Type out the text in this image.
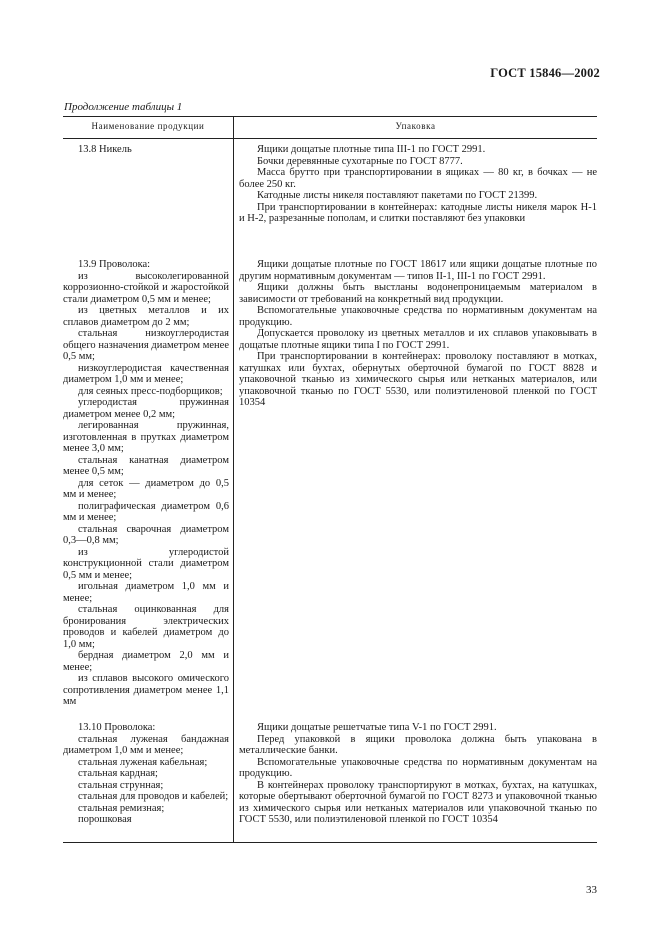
ГОСТ 15846—2002
Продолжение таблицы 1
Наименование продукции	Упаковка

13.8 Никель	Ящики дощатые плотные типа III-1 по ГОСТ 2991.

Бочки деревянные сухотарные по ГОСТ 8777.

Масса брутто при транспортировании в ящиках — 80 кг, в бочках — не более 250 кг.

Катодные листы никеля поставляют пакетами по ГОСТ 21399.

При транспортировании в контейнерах: катодные листы никеля марок Н-1 и Н-2, разрезанные пополам, и слитки поставляют без упаковки

13.9 Проволока:

из высоколегированной коррозионно-стойкой и жаростойкой стали диаметром 0,5 мм и менее;

из цветных металлов и их сплавов диаметром до 2 мм;

стальная низкоуглеродистая общего назначения диаметром менее 0,5 мм;

низкоуглеродистая качественная диаметром 1,0 мм и менее;

для сеяных пресс-подборщиков;

углеродистая пружинная диаметром менее 0,2 мм;

легированная пружинная, изготовленная в прутках диаметром менее 3,0 мм;

стальная канатная диаметром менее 0,5 мм;

для сеток — диаметром до 0,5 мм и менее;

полиграфическая диаметром 0,6 мм и менее;

стальная сварочная диаметром 0,3—0,8 мм;

из углеродистой конструкционной стали диаметром 0,5 мм и менее;

игольная диаметром 1,0 мм и менее;

стальная оцинкованная для бронирования электрических проводов и кабелей диаметром до 1,0 мм;

бердная диаметром 2,0 мм и менее;

из сплавов высокого омического сопротивления диаметром менее 1,1 мм

Ящики дощатые плотные по ГОСТ 18617 или ящики дощатые плотные по другим нормативным документам — типов II-1, III-1 по ГОСТ 2991.

Ящики должны быть выстланы водонепроницаемым материалом в зависимости от требований на конкретный вид продукции.

Вспомогательные упаковочные средства по нормативным документам на продукцию.

Допускается проволоку из цветных металлов и их сплавов упаковывать в дощатые плотные ящики типа I по ГОСТ 2991.

При транспортировании в контейнерах: проволоку поставляют в мотках, катушках или бухтах, обернутых оберточной бумагой по ГОСТ 8828 и упаковочной тканью из химического сырья или нетканых материалов, или упаковочной тканью по ГОСТ 5530, или полиэтиленовой пленкой по ГОСТ 10354

13.10 Проволока:

стальная луженая бандажная диаметром 1,0 мм и менее;

стальная луженая кабельная;

стальная кардная;

стальная струнная;

стальная для проводов и кабелей;

стальная ремизная;

порошковая

Ящики дощатые решетчатые типа V-1 по ГОСТ 2991.

Перед упаковкой в ящики проволока должна быть упакована в металлические банки.

Вспомогательные упаковочные средства по нормативным документам на продукцию.

В контейнерах проволоку транспортируют в мотках, бухтах, на катушках, которые обертывают оберточной бумагой по ГОСТ 8273 и упаковочной тканью из химического сырья или нетканых материалов или упаковочной тканью по ГОСТ 5530, или полиэтиленовой пленкой по ГОСТ 10354

33
